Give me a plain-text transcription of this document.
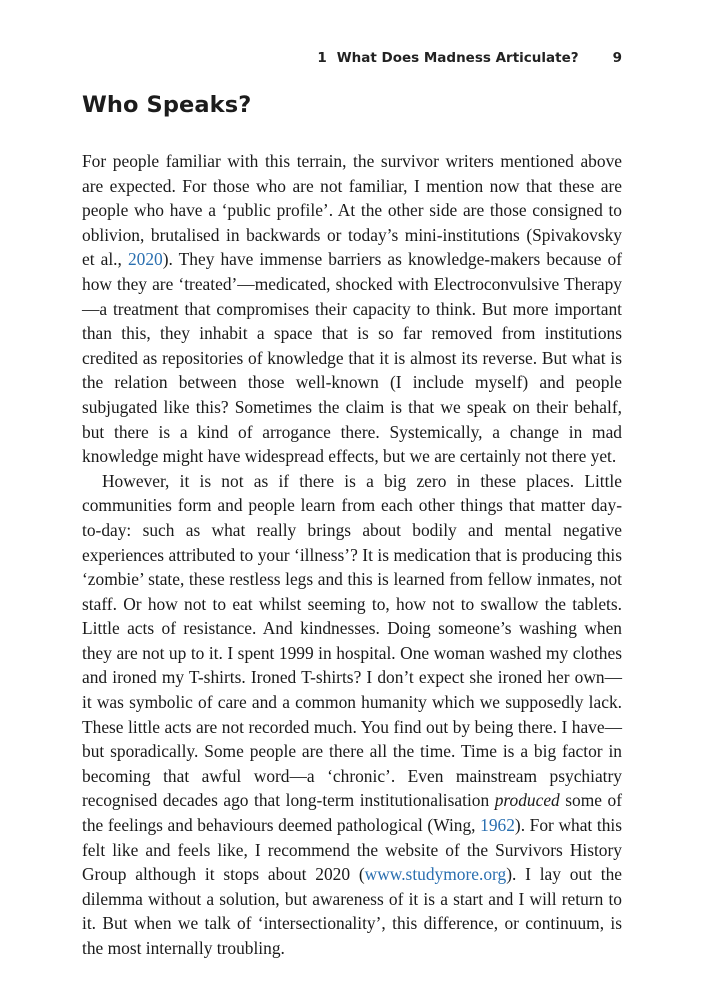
1 What Does Madness Articulate?	9
Who Speaks?

For people familiar with this terrain, the survivor writers mentioned above are expected. For those who are not familiar, I mention now that these are people who have a ‘public profile’. At the other side are those consigned to oblivion, brutalised in backwards or today’s mini-institutions (Spivakovsky et al., 2020). They have immense barriers as knowledge-makers because of how they are ‘treated’—medicated, shocked with Electroconvulsive Therapy—a treatment that compromises their capacity to think. But more important than this, they inhabit a space that is so far removed from institutions credited as repositories of knowledge that it is almost its reverse. But what is the relation between those well-known (I include myself) and people subjugated like this? Sometimes the claim is that we speak on their behalf, but there is a kind of arrogance there. Systemically, a change in mad knowledge might have widespread effects, but we are certainly not there yet.

However, it is not as if there is a big zero in these places. Little communities form and people learn from each other things that matter day-to-day: such as what really brings about bodily and mental negative experiences attributed to your ‘illness’? It is medication that is producing this ‘zombie’ state, these restless legs and this is learned from fellow inmates, not staff. Or how not to eat whilst seeming to, how not to swallow the tablets. Little acts of resistance. And kindnesses. Doing someone’s washing when they are not up to it. I spent 1999 in hospital. One woman washed my clothes and ironed my T-shirts. Ironed T-shirts? I don’t expect she ironed her own—it was symbolic of care and a common humanity which we supposedly lack. These little acts are not recorded much. You find out by being there. I have—but sporadically. Some people are there all the time. Time is a big factor in becoming that awful word—a ‘chronic’. Even mainstream psychiatry recognised decades ago that long-term institutionalisation produced some of the feelings and behaviours deemed pathological (Wing, 1962). For what this felt like and feels like, I recommend the website of the Survivors History Group although it stops about 2020 (www.studymore.org). I lay out the dilemma without a solution, but awareness of it is a start and I will return to it. But when we talk of ‘intersectionality’, this difference, or continuum, is the most internally troubling.
